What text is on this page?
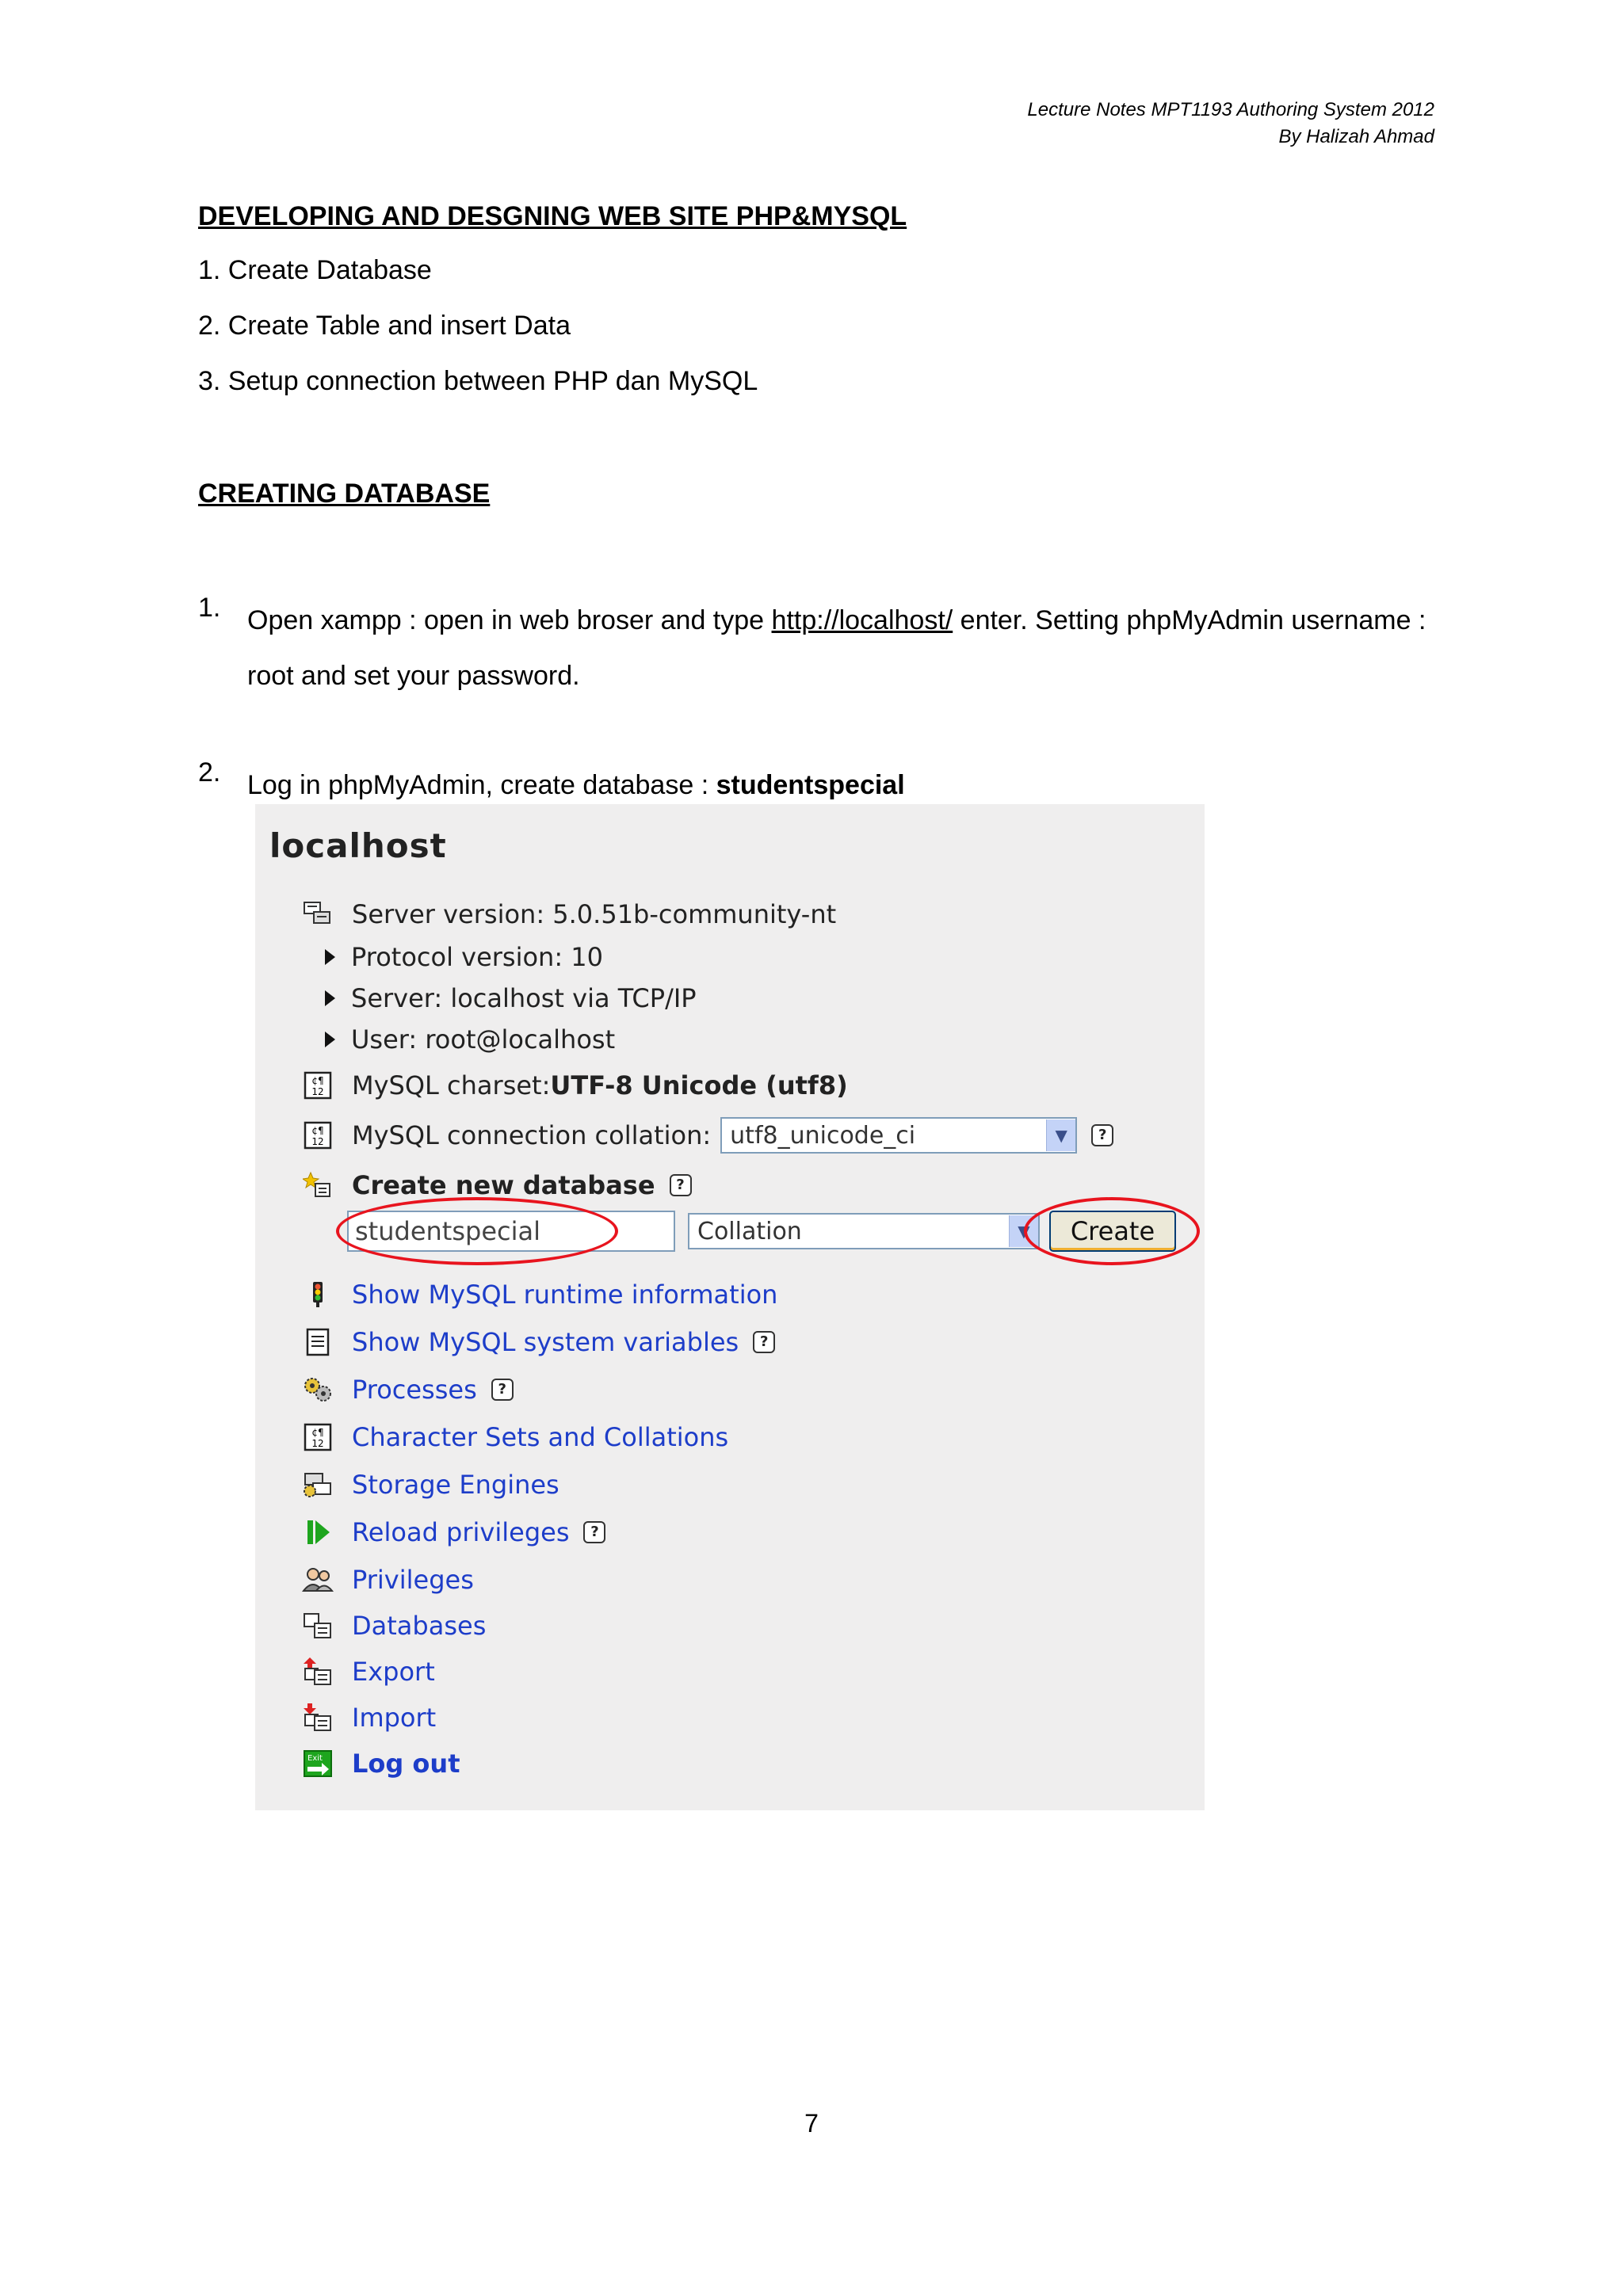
Lecture Notes MPT1193 Authoring System 2012
By Halizah Ahmad
DEVELOPING AND DESGNING WEB SITE PHP&MYSQL
1. Create Database
2. Create Table and insert Data
3. Setup connection between PHP dan MySQL
CREATING DATABASE
1. Open xampp : open in web broser and type http://localhost/ enter. Setting phpMyAdmin username : root and set your password.
2. Log in phpMyAdmin, create database : studentspecial
localhost
Server version: 5.0.51b-community-nt
Protocol version: 10
Server: localhost via TCP/IP
User: root@localhost
¢¶
12 MySQL charset: UTF-8 Unicode (utf8)
¢¶
12 MySQL connection collation: utf8_unicode_ci	▼	?
Create new database	?
studentspecial	Collation	▼	Create
Show MySQL runtime information
Show MySQL system variables	?
Processes	?
¢¶
12 Character Sets and Collations
Storage Engines
Reload privileges	?
Privileges
Databases
Export
Import
Exit Log out
7
